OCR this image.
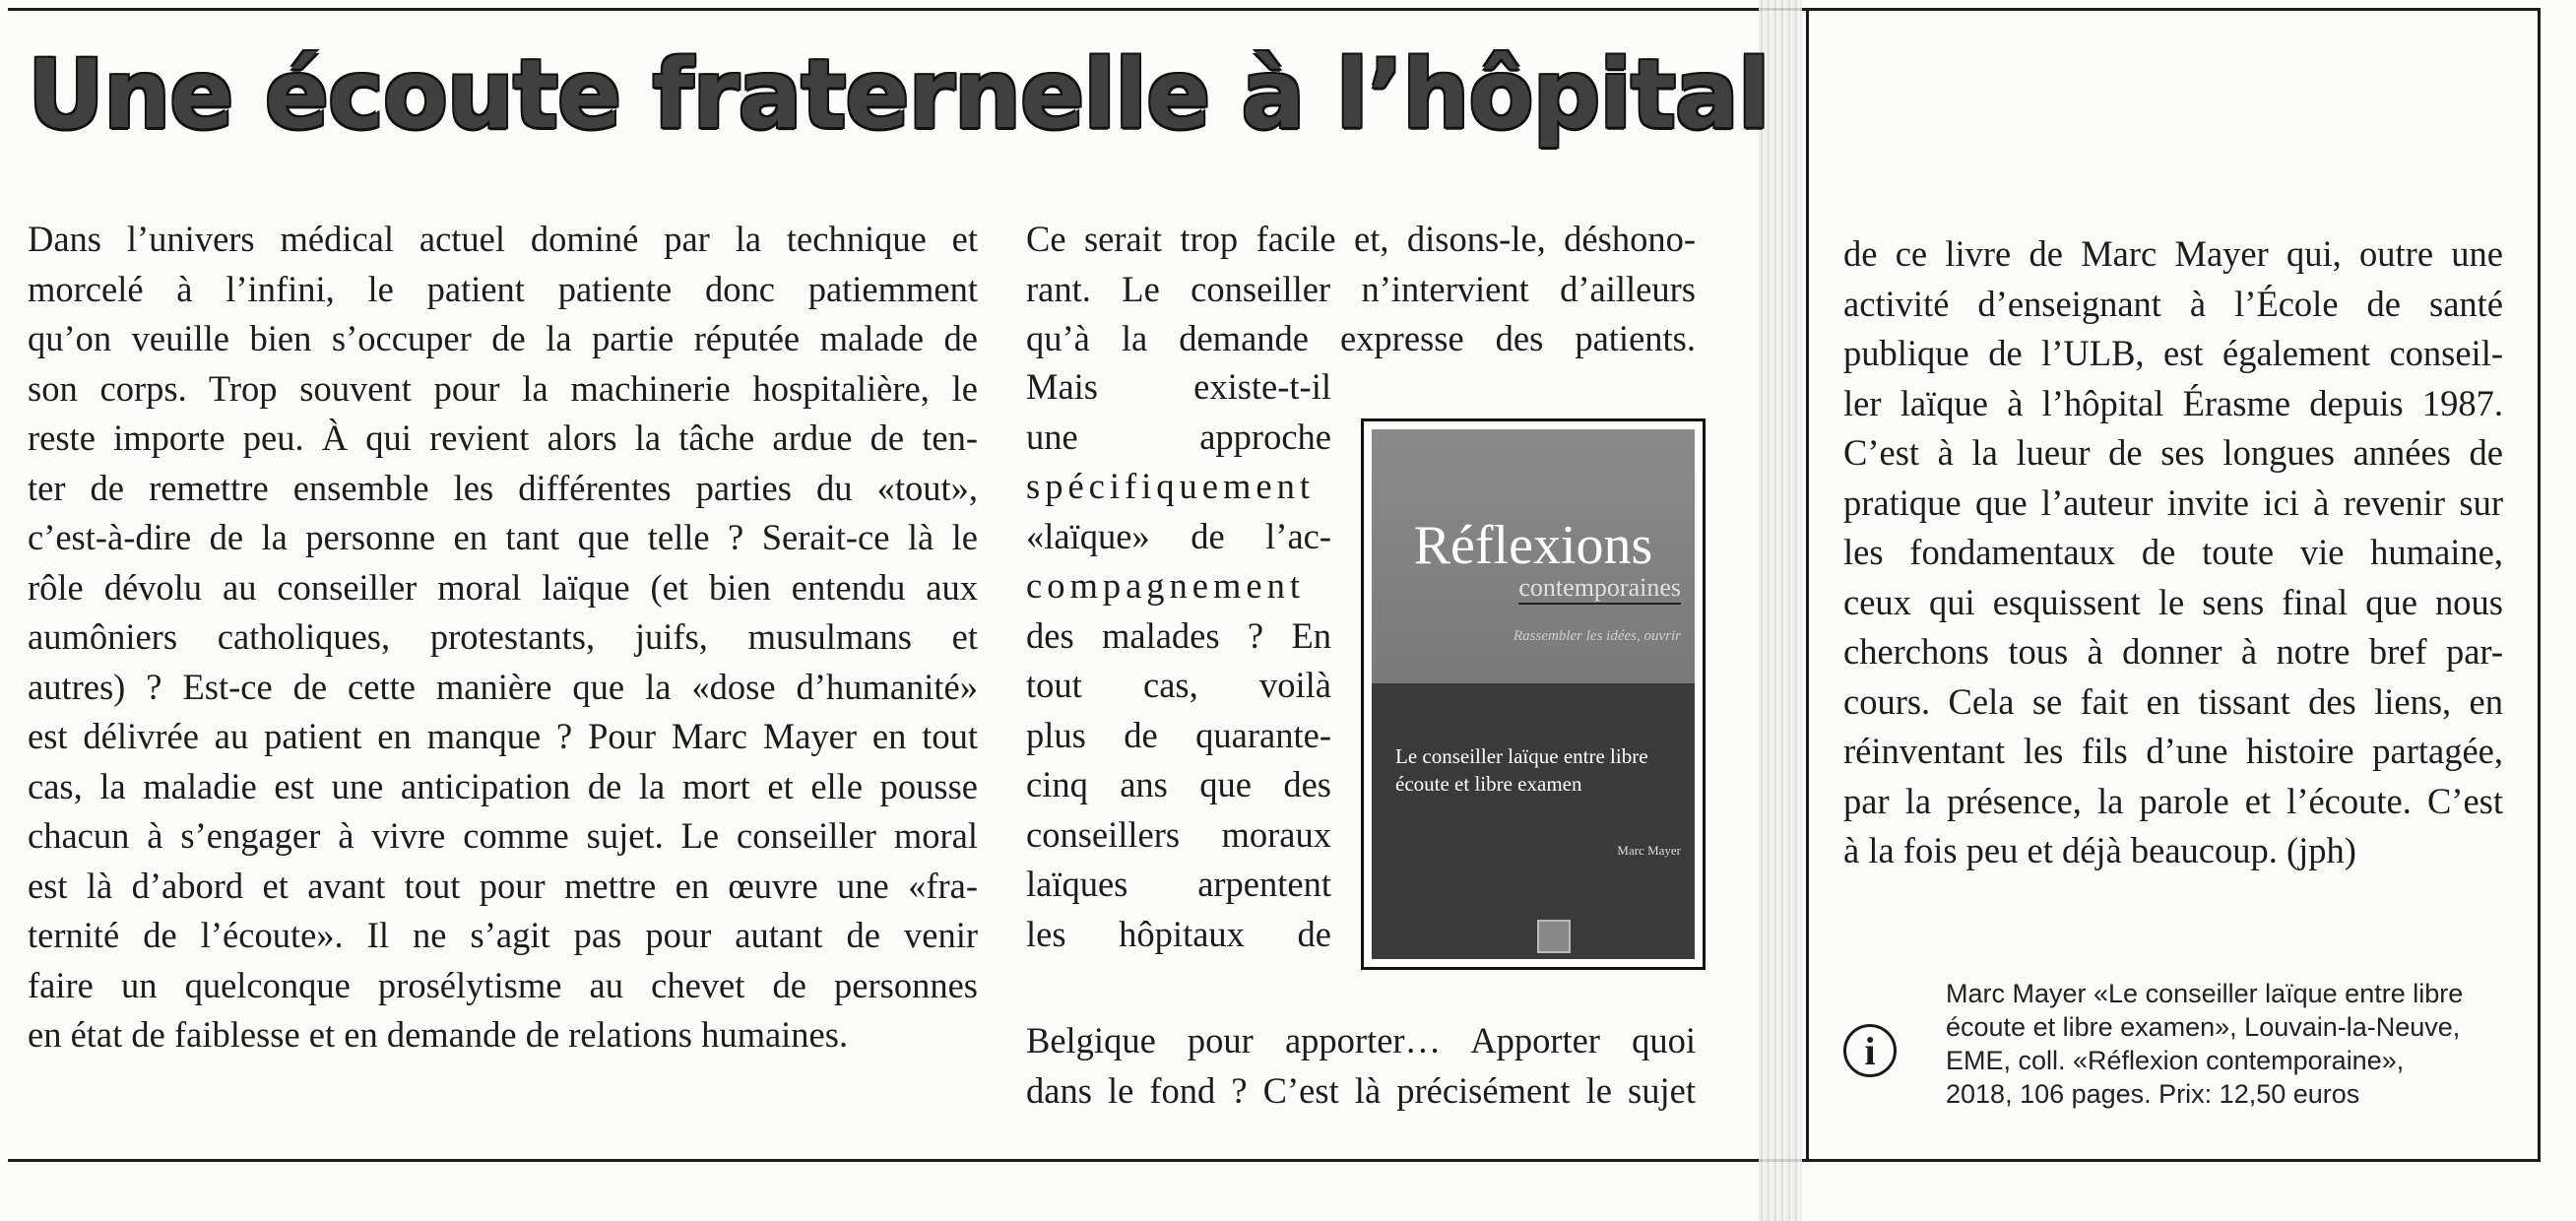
Une écoute fraternelle à l’hôpital

Dans l’univers médical actuel dominé par la technique et
morcelé à l’infini, le patient patiente donc patiemment
qu’on veuille bien s’occuper de la partie réputée malade de
son corps. Trop souvent pour la machinerie hospitalière, le
reste importe peu. À qui revient alors la tâche ardue de ten-
ter de remettre ensemble les différentes parties du «tout»,
c’est-à-dire de la personne en tant que telle ? Serait-ce là le
rôle dévolu au conseiller moral laïque (et bien entendu aux
aumôniers catholiques, protestants, juifs, musulmans et
autres) ? Est-ce de cette manière que la «dose d’humanité»
est délivrée au patient en manque ? Pour Marc Mayer en tout
cas, la maladie est une anticipation de la mort et elle pousse
chacun à s’engager à vivre comme sujet. Le conseiller moral
est là d’abord et avant tout pour mettre en œuvre une «fra-
ternité de l’écoute». Il ne s’agit pas pour autant de venir
faire un quelconque prosélytisme au chevet de personnes
en état de faiblesse et en demande de relations humaines.

Ce serait trop facile et, disons-le, déshono-
rant. Le conseiller n’intervient d’ailleurs
qu’à la demande expresse des patients.

Mais existe-t-il
une approche
spécifiquement
«laïque» de l’ac-
compagnement
des malades ? En
tout cas, voilà
plus de quarante-
cinq ans que des
conseillers moraux
laïques arpentent
les hôpitaux de

Belgique pour apporter… Apporter quoi
dans le fond ? C’est là précisément le sujet

de ce livre de Marc Mayer qui, outre une
activité d’enseignant à l’École de santé
publique de l’ULB, est également conseil-
ler laïque à l’hôpital Érasme depuis 1987.
C’est à la lueur de ses longues années de
pratique que l’auteur invite ici à revenir sur
les fondamentaux de toute vie humaine,
ceux qui esquissent le sens final que nous
cherchons tous à donner à notre bref par-
cours. Cela se fait en tissant des liens, en
réinventant les fils d’une histoire partagée,
par la présence, la parole et l’écoute. C’est
à la fois peu et déjà beaucoup. (jph)

Réflexions
contemporaines
Rassembler les idées, ouvrir
Le conseiller laïque entre libre écoute et libre examen
Marc Mayer
i
Marc Mayer «Le conseiller laïque entre libre
écoute et libre examen», Louvain-la-Neuve,
EME, coll. «Réflexion contemporaine»,
2018, 106 pages. Prix: 12,50 euros
